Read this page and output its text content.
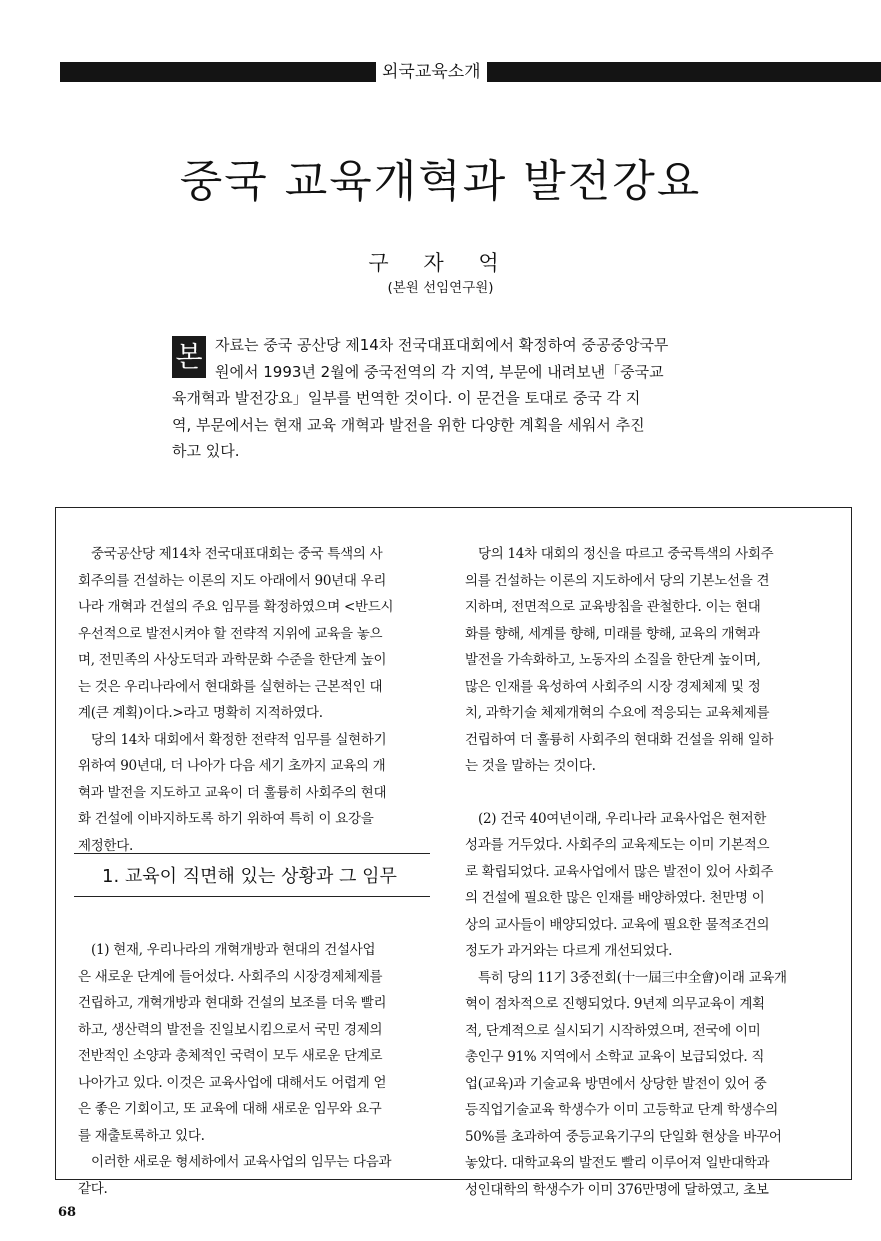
외국교육소개
중국 교육개혁과 발전강요
구 자 억
(본원 선임연구원)
본 자료는 중국 공산당 제14차 전국대표대회에서 확정하여 중공중앙국무
원에서 1993년 2월에 중국전역의 각 지역, 부문에 내려보낸「중국교
육개혁과 발전강요」일부를 번역한 것이다. 이 문건을 토대로 중국 각 지
역, 부문에서는 현재 교육 개혁과 발전을 위한 다양한 계획을 세워서 추진
하고 있다.
중국공산당 제14차 전국대표대회는 중국 특색의 사
회주의를 건설하는 이론의 지도 아래에서 90년대 우리
나라 개혁과 건설의 주요 임무를 확정하였으며 <반드시
우선적으로 발전시켜야 할 전략적 지위에 교육을 놓으
며, 전민족의 사상도덕과 과학문화 수준을 한단계 높이
는 것은 우리나라에서 현대화를 실현하는 근본적인 대
계(큰 계획)이다.>라고 명확히 지적하였다.
당의 14차 대회에서 확정한 전략적 임무를 실현하기
위하여 90년대, 더 나아가 다음 세기 초까지 교육의 개
혁과 발전을 지도하고 교육이 더 훌륭히 사회주의 현대
화 건설에 이바지하도록 하기 위하여 특히 이 요강을
제정한다.
(1) 현재, 우리나라의 개혁개방과 현대의 건설사업
은 새로운 단계에 들어섰다. 사회주의 시장경제체제를
건립하고, 개혁개방과 현대화 건설의 보조를 더욱 빨리
하고, 생산력의 발전을 진일보시킴으로서 국민 경제의
전반적인 소양과 총체적인 국력이 모두 새로운 단계로
나아가고 있다. 이것은 교육사업에 대해서도 어렵게 얻
은 좋은 기회이고, 또 교육에 대해 새로운 임무와 요구
를 재출토록하고 있다.
이러한 새로운 형세하에서 교육사업의 임무는 다음과
같다.
1. 교육이 직면해 있는 상황과 그 임무
당의 14차 대회의 정신을 따르고 중국특색의 사회주
의를 건설하는 이론의 지도하에서 당의 기본노선을 견
지하며, 전면적으로 교육방침을 관철한다. 이는 현대
화를 향해, 세계를 향해, 미래를 향해, 교육의 개혁과
발전을 가속화하고, 노동자의 소질을 한단계 높이며,
많은 인재를 육성하여 사회주의 시장 경제체제 및 정
치, 과학기술 체제개혁의 수요에 적응되는 교육체제를
건립하여 더 훌륭히 사회주의 현대화 건설을 위해 일하
는 것을 말하는 것이다.
(2) 건국 40여년이래, 우리나라 교육사업은 현저한
성과를 거두었다. 사회주의 교육제도는 이미 기본적으
로 확립되었다. 교육사업에서 많은 발전이 있어 사회주
의 건설에 필요한 많은 인재를 배양하였다. 천만명 이
상의 교사들이 배양되었다. 교육에 필요한 물적조건의
정도가 과거와는 다르게 개선되었다.
특히 당의 11기 3중전회(十一屆三中全會)이래 교육개
혁이 점차적으로 진행되었다. 9년제 의무교육이 계획
적, 단계적으로 실시되기 시작하였으며, 전국에 이미
총인구 91% 지역에서 소학교 교육이 보급되었다. 직
업(교육)과 기술교육 방면에서 상당한 발전이 있어 중
등직업기술교육 학생수가 이미 고등학교 단계 학생수의
50%를 초과하여 중등교육기구의 단일화 현상을 바꾸어
놓았다. 대학교육의 발전도 빨리 이루어져 일반대학과
성인대학의 학생수가 이미 376만명에 달하였고, 초보
68
